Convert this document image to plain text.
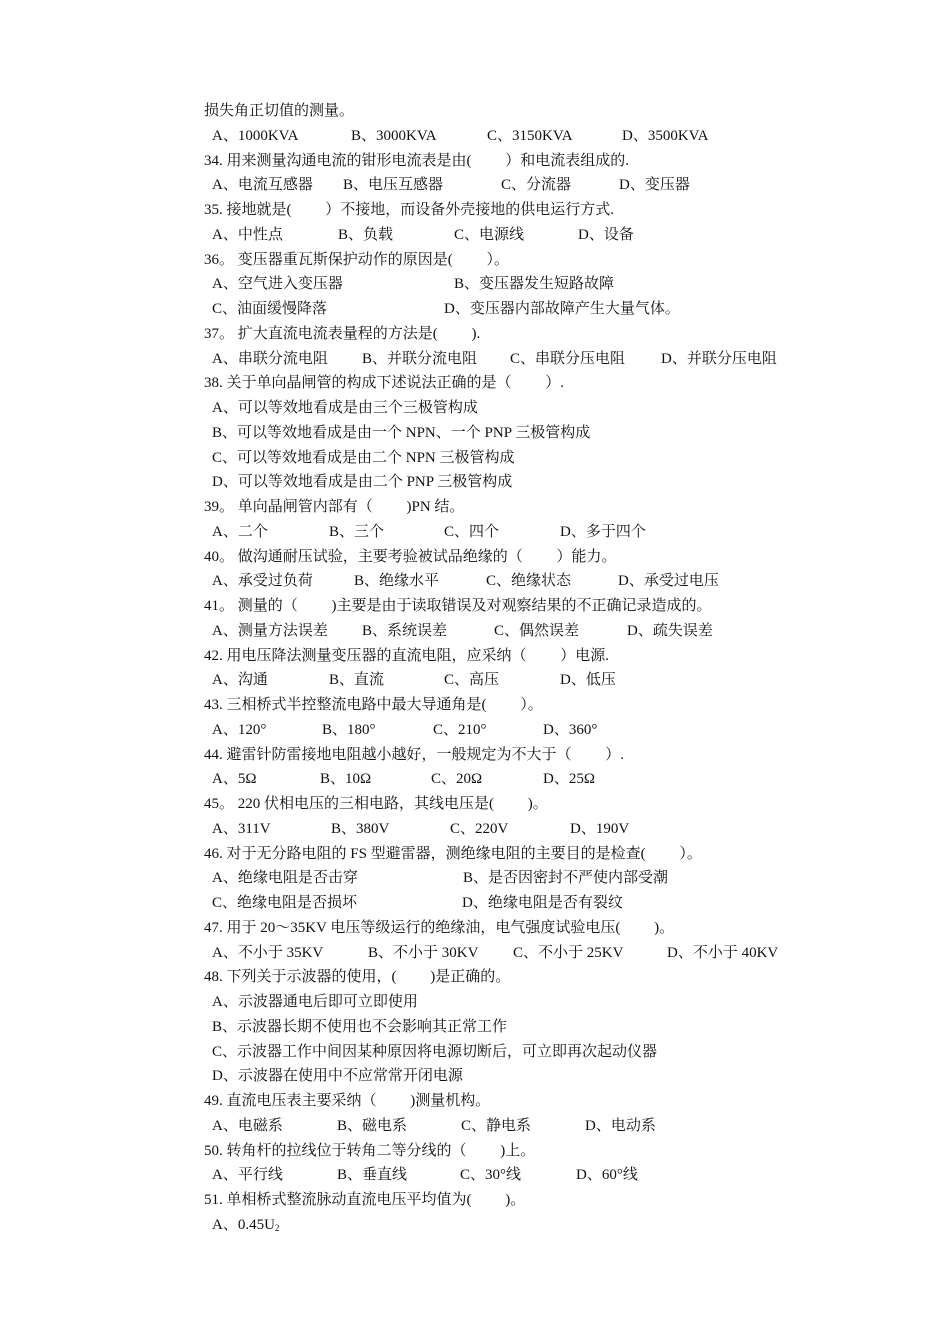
损失角正切值的测量。
A、1000KVA	B、3000KVA	C、3150KVA	D、3500KVA
34. 用来测量沟通电流的钳形电流表是由(　　 ）和电流表组成的.
A、电流互感器 B、电压互感器	C、分流器	D、变压器
35. 接地就是(　　 ）不接地，而设备外壳接地的供电运行方式.
A、中性点	B、负载	C、电源线	D、设备
36。 变压器重瓦斯保护动作的原因是(　　 ）。
A、空气进入变压器	B、变压器发生短路故障
C、油面缓慢降落	D、变压器内部故障产生大量气体。
37。 扩大直流电流表量程的方法是(　　 ).
A、串联分流电阻 B、并联分流电阻 C、串联分压电阻 D、并联分压电阻
38. 关于单向晶闸管的构成下述说法正确的是（　　 ）.
A、可以等效地看成是由三个三极管构成
B、可以等效地看成是由一个 NPN、一个 PNP 三极管构成
C、可以等效地看成是由二个 NPN 三极管构成
D、可以等效地看成是由二个 PNP 三极管构成
39。 单向晶闸管内部有（　　 )PN 结。
A、二个	B、三个	C、四个	D、多于四个
40。 做沟通耐压试验，主要考验被试品绝缘的（　　 ）能力。
A、承受过负荷	B、绝缘水平	C、绝缘状态	D、承受过电压
41。 测量的（　　 )主要是由于读取错误及对观察结果的不正确记录造成的。
A、测量方法误差 B、系统误差	C、偶然误差	D、疏失误差
42. 用电压降法测量变压器的直流电阻，应采纳（　　 ）电源.
A、沟通	B、直流	C、高压	D、低压
43. 三相桥式半控整流电路中最大导通角是(　　 ）。
A、120°	B、180°	C、210°	D、360°
44. 避雷针防雷接地电阻越小越好，一般规定为不大于（　　 ）.
A、5Ω	B、10Ω	C、20Ω	D、25Ω
45。 220 伏相电压的三相电路，其线电压是(　　 )。
A、311V	B、380V	C、220V	D、190V
46. 对于无分路电阻的 FS 型避雷器，测绝缘电阻的主要目的是检查(　　 ）。
A、绝缘电阻是否击穿	B、是否因密封不严使内部受潮
C、绝缘电阻是否损坏	D、绝缘电阻是否有裂纹
47. 用于 20～35KV 电压等级运行的绝缘油，电气强度试验电压(　　 )。
A、不小于 35KV	B、不小于 30KV C、不小于 25KV	D、不小于 40KV
48. 下列关于示波器的使用，(　　 )是正确的。
A、示波器通电后即可立即使用
B、示波器长期不使用也不会影响其正常工作
C、示波器工作中间因某种原因将电源切断后，可立即再次起动仪器
D、示波器在使用中不应常常开闭电源
49. 直流电压表主要采纳（　　 )测量机构。
A、电磁系	B、磁电系	C、静电系	D、电动系
50. 转角杆的拉线位于转角二等分线的（　　 )上。
A、平行线	B、垂直线	C、30°线	D、60°线
51. 单相桥式整流脉动直流电压平均值为(　　 )。
A、$0.45U_2$
